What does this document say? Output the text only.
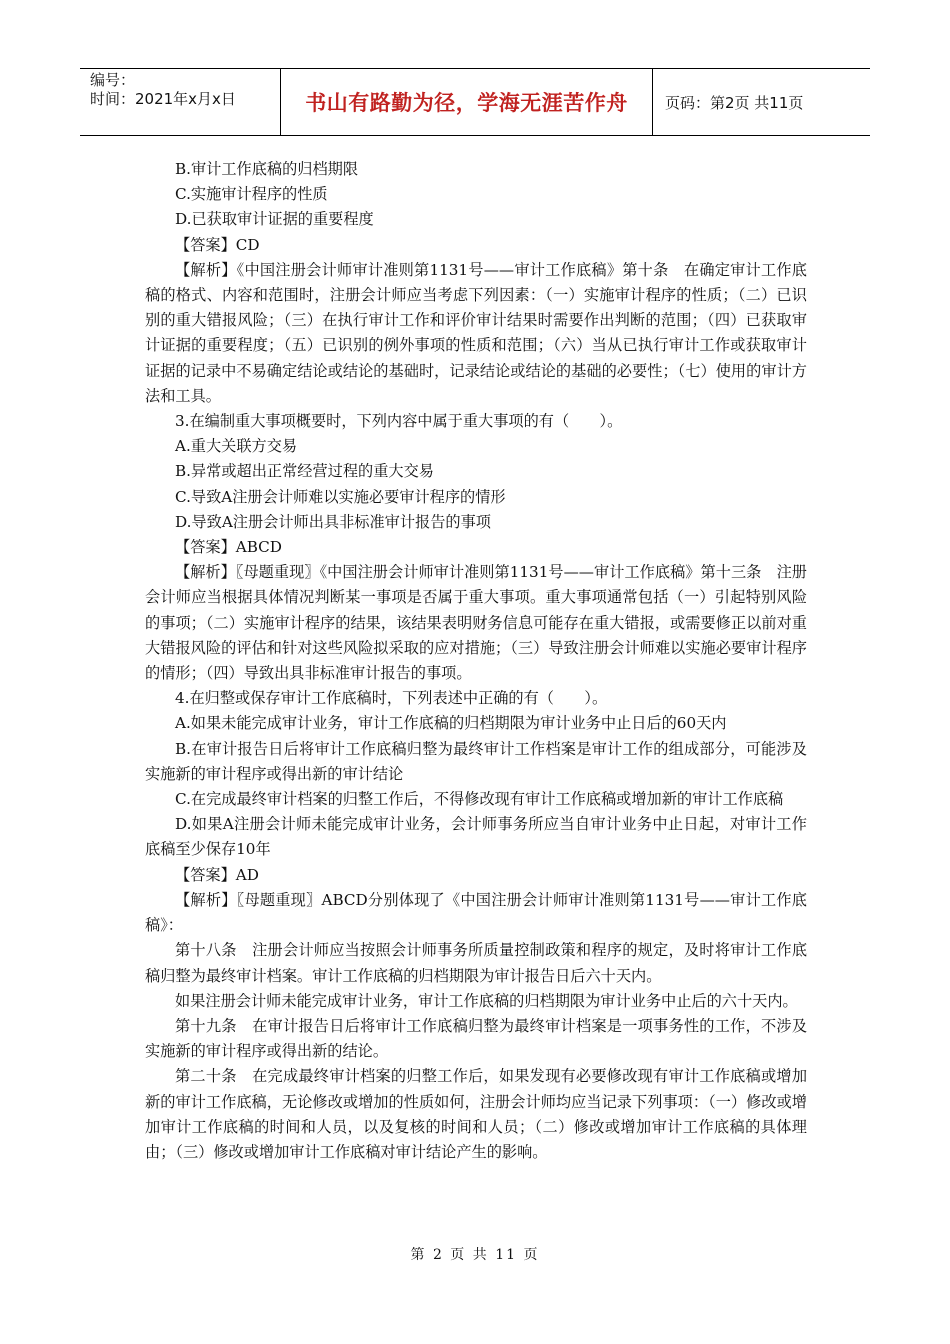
编号：
时间：2021年x月x日	书山有路勤为径，学海无涯苦作舟 页码：第2页 共11页

B.审计工作底稿的归档期限

C.实施审计程序的性质

D.已获取审计证据的重要程度

【答案】CD

【解析】《中国注册会计师审计准则第1131号——审计工作底稿》第十条　在确定审计工作底稿的格式、内容和范围时，注册会计师应当考虑下列因素：（一）实施审计程序的性质；（二）已识别的重大错报风险；（三）在执行审计工作和评价审计结果时需要作出判断的范围；（四）已获取审计证据的重要程度；（五）已识别的例外事项的性质和范围；（六）当从已执行审计工作或获取审计证据的记录中不易确定结论或结论的基础时，记录结论或结论的基础的必要性；（七）使用的审计方法和工具。

3.在编制重大事项概要时，下列内容中属于重大事项的有（　　）。

A.重大关联方交易

B.异常或超出正常经营过程的重大交易

C.导致A注册会计师难以实施必要审计程序的情形

D.导致A注册会计师出具非标准审计报告的事项

【答案】ABCD

【解析】〖母题重现〗《中国注册会计师审计准则第1131号——审计工作底稿》第十三条　注册会计师应当根据具体情况判断某一事项是否属于重大事项。重大事项通常包括（一）引起特别风险的事项；（二）实施审计程序的结果，该结果表明财务信息可能存在重大错报，或需要修正以前对重大错报风险的评估和针对这些风险拟采取的应对措施；（三）导致注册会计师难以实施必要审计程序的情形；（四）导致出具非标准审计报告的事项。

4.在归整或保存审计工作底稿时，下列表述中正确的有（　　）。

A.如果未能完成审计业务，审计工作底稿的归档期限为审计业务中止日后的60天内

B.在审计报告日后将审计工作底稿归整为最终审计工作档案是审计工作的组成部分，可能涉及实施新的审计程序或得出新的审计结论

C.在完成最终审计档案的归整工作后，不得修改现有审计工作底稿或增加新的审计工作底稿

D.如果A注册会计师未能完成审计业务，会计师事务所应当自审计业务中止日起，对审计工作底稿至少保存10年

【答案】AD

【解析】〖母题重现〗ABCD分别体现了《中国注册会计师审计准则第1131号——审计工作底稿》：

第十八条　注册会计师应当按照会计师事务所质量控制政策和程序的规定，及时将审计工作底稿归整为最终审计档案。审计工作底稿的归档期限为审计报告日后六十天内。

如果注册会计师未能完成审计业务，审计工作底稿的归档期限为审计业务中止后的六十天内。

第十九条　在审计报告日后将审计工作底稿归整为最终审计档案是一项事务性的工作，不涉及实施新的审计程序或得出新的结论。

第二十条　在完成最终审计档案的归整工作后，如果发现有必要修改现有审计工作底稿或增加新的审计工作底稿，无论修改或增加的性质如何，注册会计师均应当记录下列事项：（一）修改或增加审计工作底稿的时间和人员，以及复核的时间和人员；（二）修改或增加审计工作底稿的具体理由；（三）修改或增加审计工作底稿对审计结论产生的影响。

第 2 页 共 11 页
